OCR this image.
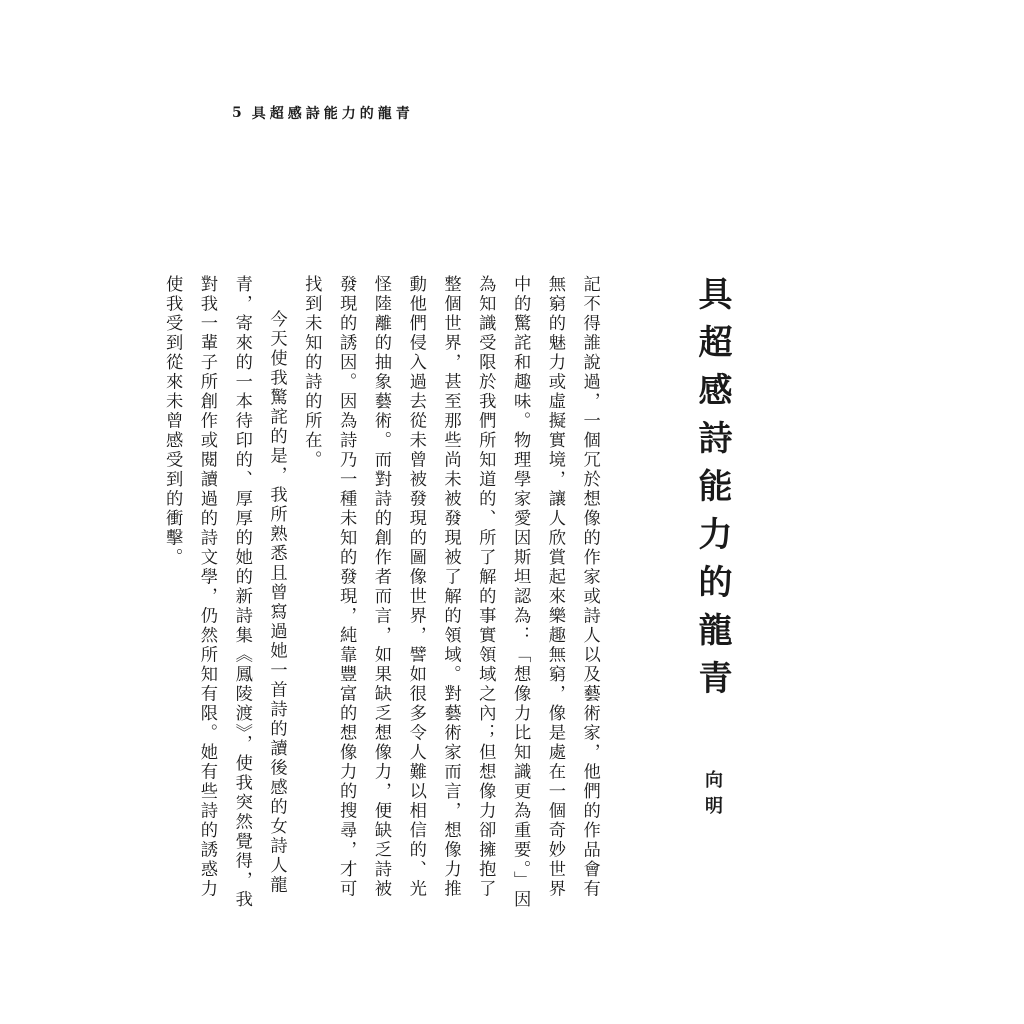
5 具超感詩能力的龍青
具超感詩能力的龍青
向明

記不得誰說過，一個冗於想像的作家或詩人以及藝術家，他們的作品會有無窮的魅力或虛擬實境，讓人欣賞起來樂趣無窮，像是處在一個奇妙世界中的驚詫和趣味。物理學家愛因斯坦認為：「想像力比知識更為重要。」因為知識受限於我們所知道的、所了解的事實領域之內；但想像力卻擁抱了整個世界，甚至那些尚未被發現被了解的領域。對藝術家而言，想像力推動他們侵入過去從未曾被發現的圖像世界，譬如很多令人難以相信的、光怪陸離的抽象藝術。而對詩的創作者而言，如果缺乏想像力，便缺乏詩被發現的誘因。因為詩乃一種未知的發現，純靠豐富的想像力的搜尋，才可找到未知的詩的所在。

今天使我驚詫的是，我所熟悉且曾寫過她一首詩的讀後感的女詩人龍青，寄來的一本待印的、厚厚的她的新詩集《鳳陵渡》，使我突然覺得，我對我一輩子所創作或閱讀過的詩文學，仍然所知有限。她有些詩的誘惑力使我受到從來未曾感受到的衝擊。
